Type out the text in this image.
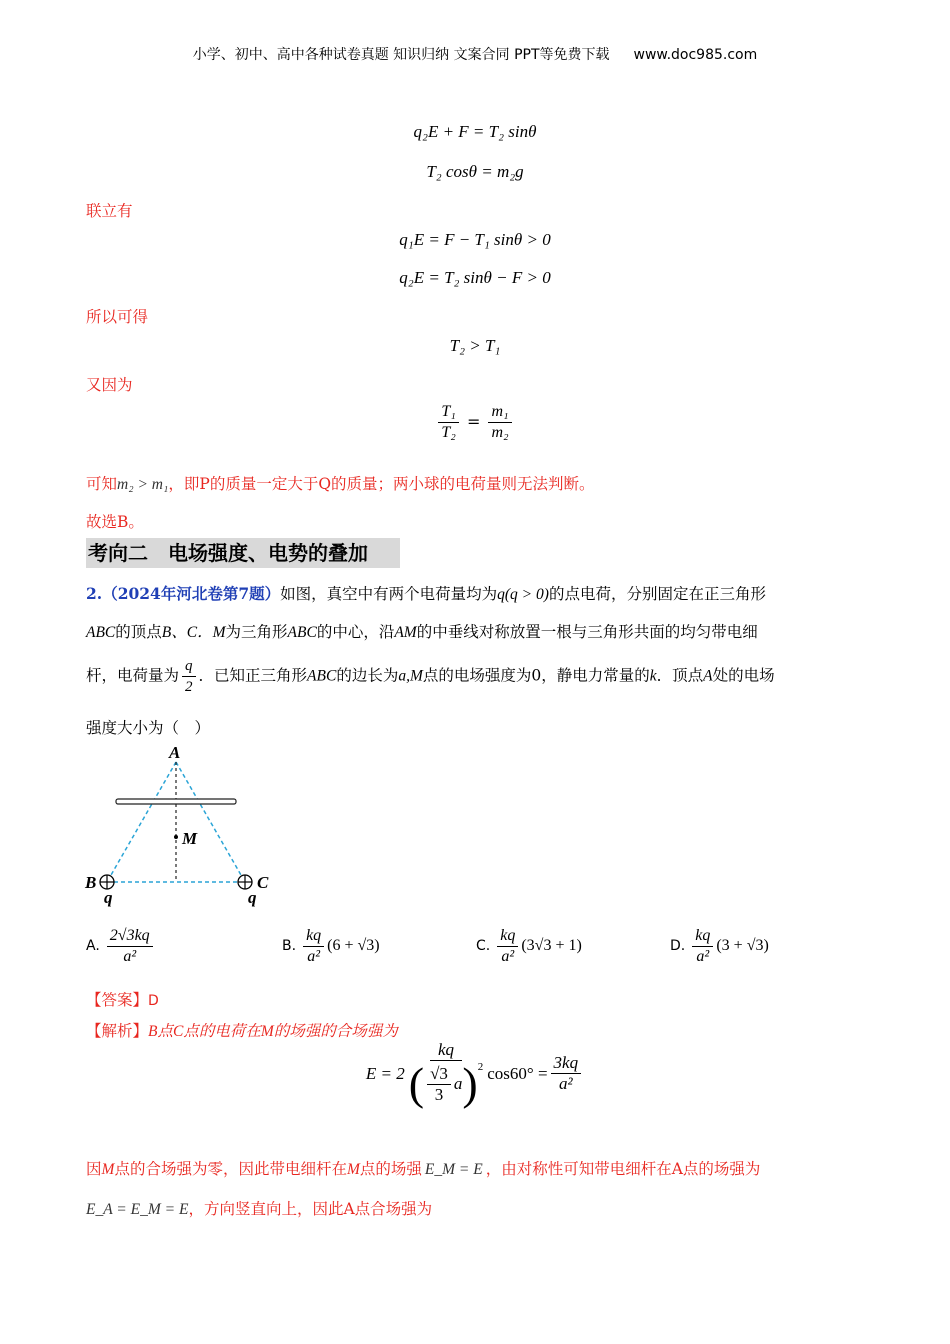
小学、初中、高中各种试卷真题 知识归纳 文案合同 PPT等免费下载 www.doc985.com
q₂E + F = T₂ sinθ
T₂ cosθ = m₂g
联立有
q₁E = F − T₁ sinθ > 0
q₂E = T₂ sinθ − F > 0
所以可得
T₂ > T₁
又因为
$\frac{\text{T₁}}{\text{T₂}} = \frac{\text{m₁}}{\text{m₂}}$
可知m₂ > m₁，即P的质量一定大于Q的质量；两小球的电荷量则无法判断。
故选B。
考向二　电场强度、电势的叠加
2.（2024年河北卷第7题）如图，真空中有两个电荷量均为q(q > 0)的点电荷，分别固定在正三角形
ABC的顶点B、C．M为三角形ABC的中心，沿AM的中垂线对称放置一根与三角形共面的均匀带电细
杆，电荷量为 $\frac{q}{2}$ ．已知正三角形ABC的边长为a,M点的电场强度为0，静电力常量的k．顶点A处的电场
强度大小为（　）
A
B	C
M
q	q
A. $\frac{2√3kq}{\text{a²}}$	B. $\frac{kq}{\text{a²}} (6 + √3)$	C. $\frac{kq}{\text{a²}} (3√3 + 1)$	D. $\frac{kq}{\text{a²}} (3 + √3)$
【答案】D
【解析】B点C点的电荷在M的场强的合场强为
E = 2
kq
( $\frac{√3}{3}$ a ) 2 $\cos 60^\circ = \frac{3kq}{\text{a²}}$
因M点的合场强为零，因此带电细杆在M点的场强 E_M = E ，由对称性可知带电细杆在A点的场强为
E_A = E_M = E，方向竖直向上，因此A点合场强为
